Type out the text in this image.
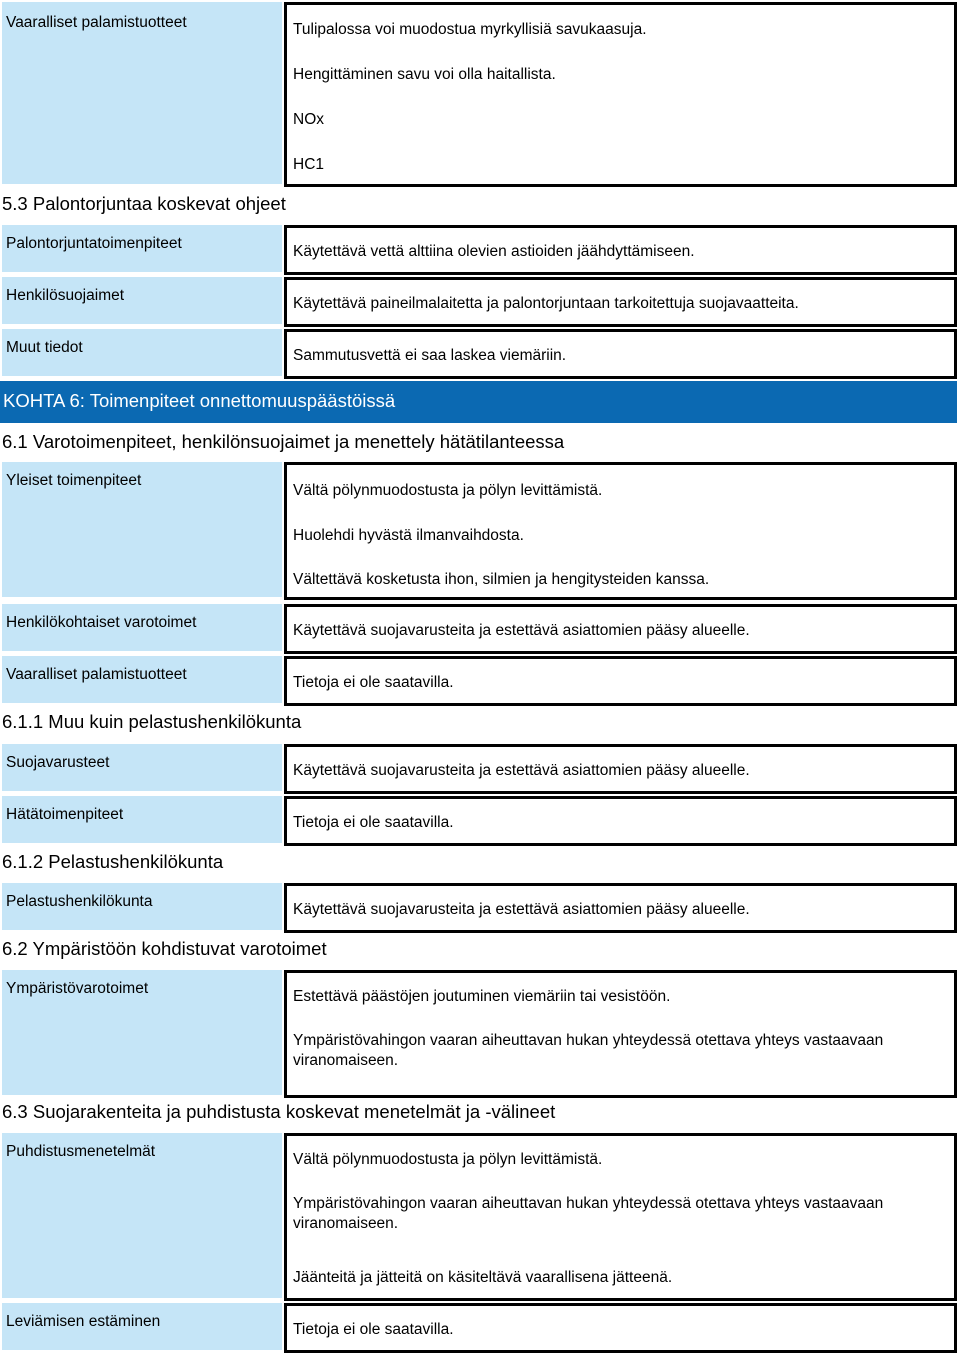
Vaaralliset palamistuotteet	Tulipalossa voi muodostua myrkyllisiä savukaasuja.

Hengittäminen savu voi olla haitallista.

NOx

HC1

5.3 Palontorjuntaa koskevat ohjeet
Palontorjuntatoimenpiteet	Käytettävä vettä alttiina olevien astioiden jäähdyttämiseen.

Henkilösuojaimet	Käytettävä paineilmalaitetta ja palontorjuntaan tarkoitettuja suojavaatteita.

Muut tiedot	Sammutusvettä ei saa laskea viemäriin.

KOHTA 6: Toimenpiteet onnettomuuspäästöissä
6.1 Varotoimenpiteet, henkilönsuojaimet ja menettely hätätilanteessa
Yleiset toimenpiteet

Vältä pölynmuodostusta ja pölyn levittämistä.

Huolehdi hyvästä ilmanvaihdosta.

Vältettävä kosketusta ihon, silmien ja hengitysteiden kanssa.

Henkilökohtaiset varotoimet	Käytettävä suojavarusteita ja estettävä asiattomien pääsy alueelle.

Vaaralliset palamistuotteet	Tietoja ei ole saatavilla.

6.1.1 Muu kuin pelastushenkilökunta
Suojavarusteet	Käytettävä suojavarusteita ja estettävä asiattomien pääsy alueelle.

Hätätoimenpiteet	Tietoja ei ole saatavilla.

6.1.2 Pelastushenkilökunta
Pelastushenkilökunta	Käytettävä suojavarusteita ja estettävä asiattomien pääsy alueelle.

6.2 Ympäristöön kohdistuvat varotoimet
Ympäristövarotoimet	Estettävä päästöjen joutuminen viemäriin tai vesistöön.

Ympäristövahingon vaaran aiheuttavan hukan yhteydessä otettava yhteys vastaavaan viranomaiseen.

6.3 Suojarakenteita ja puhdistusta koskevat menetelmät ja -välineet
Puhdistusmenetelmät	Vältä pölynmuodostusta ja pölyn levittämistä.

Ympäristövahingon vaaran aiheuttavan hukan yhteydessä otettava yhteys vastaavaan viranomaiseen.

Jäänteitä ja jätteitä on käsiteltävä vaarallisena jätteenä.

Leviämisen estäminen	Tietoja ei ole saatavilla.
